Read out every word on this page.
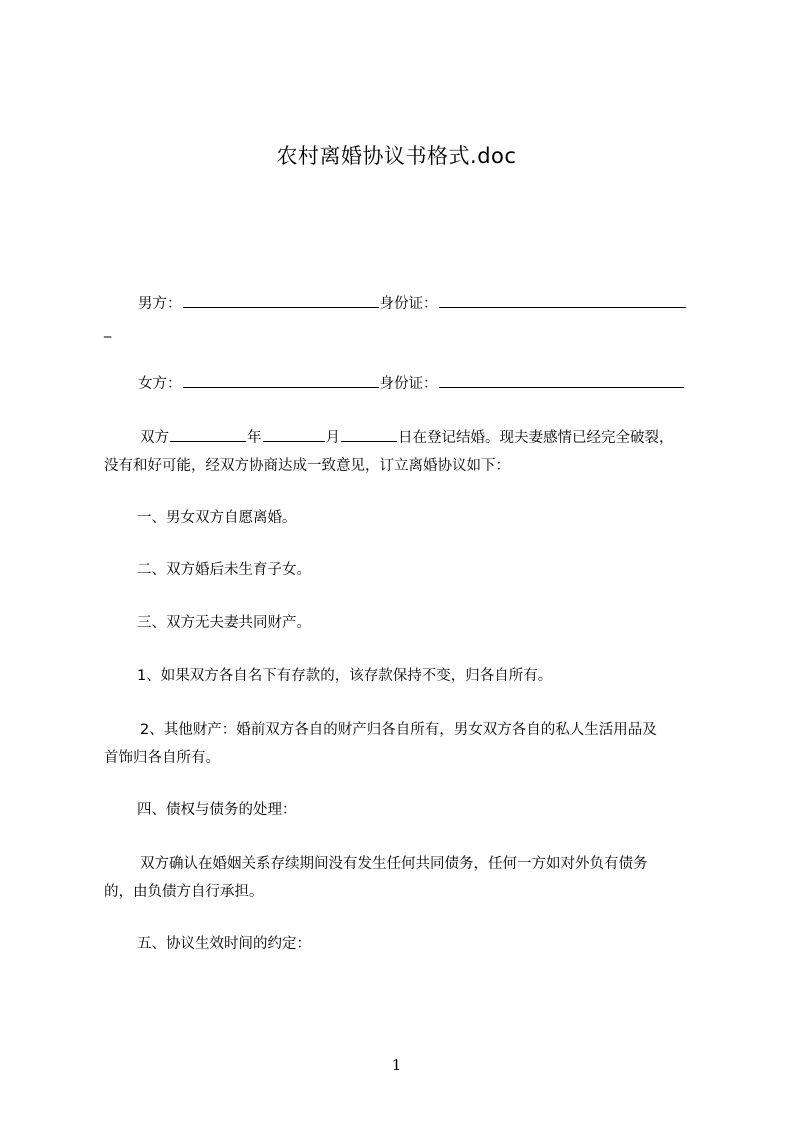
农村离婚协议书格式.doc
男方：	身份证：
_
女方：	身份证：
双方	年	月	日在登记结婚。现夫妻感情已经完全破裂，
没有和好可能，经双方协商达成一致意见，订立离婚协议如下：
一、男女双方自愿离婚。
二、双方婚后未生育子女。
三、双方无夫妻共同财产。
1、如果双方各自名下有存款的，该存款保持不变，归各自所有。
2、其他财产：婚前双方各自的财产归各自所有，男女双方各自的私人生活用品及
首饰归各自所有。
四、债权与债务的处理：
双方确认在婚姻关系存续期间没有发生任何共同债务，任何一方如对外负有债务
的，由负债方自行承担。
五、协议生效时间的约定：
1
